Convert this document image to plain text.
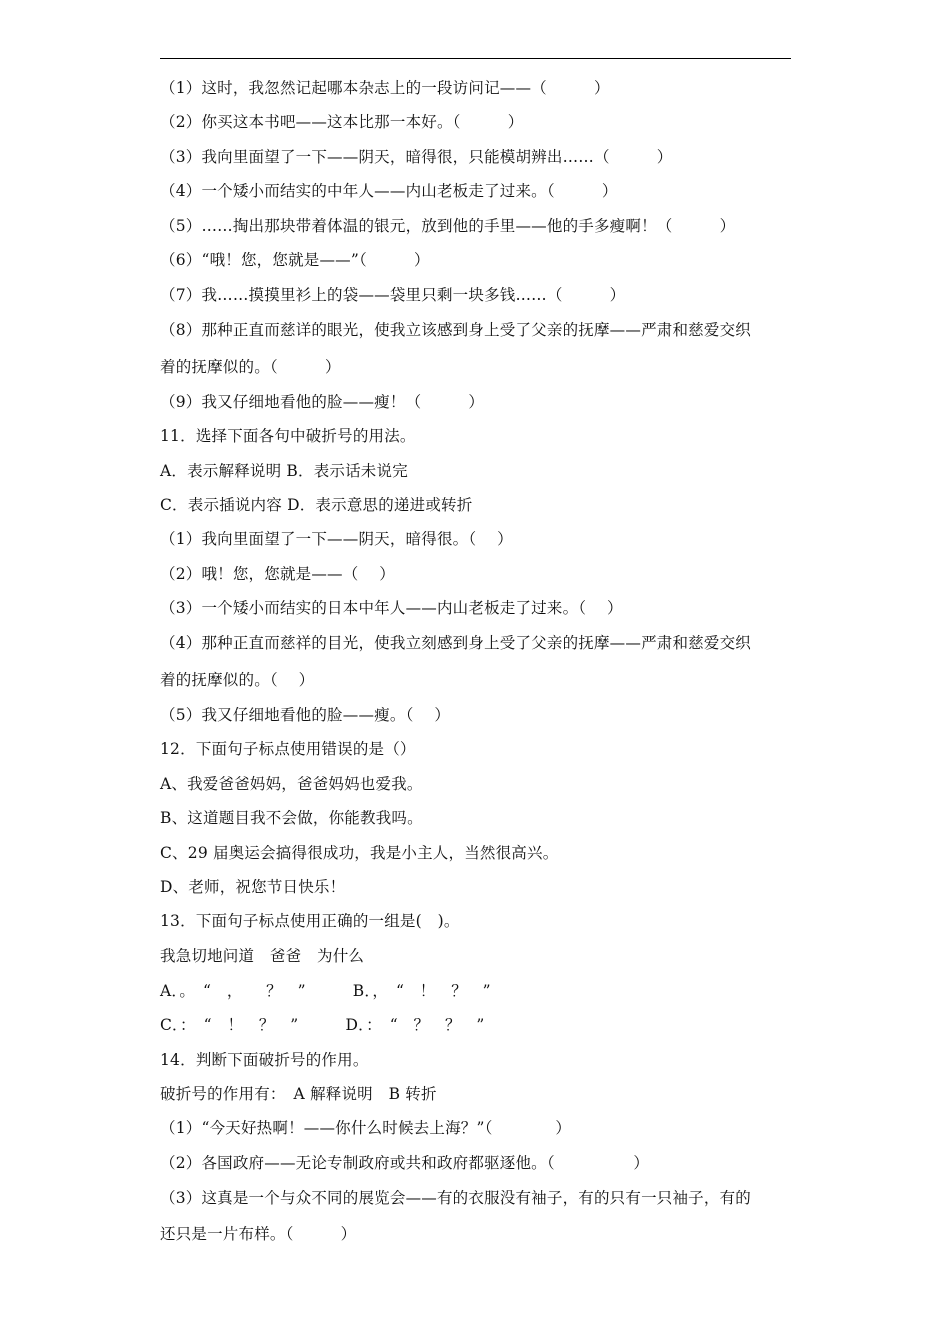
（1）这时，我忽然记起哪本杂志上的一段访问记——（　　　）
（2）你买这本书吧——这本比那一本好。（　　　）
（3）我向里面望了一下——阴天，暗得很，只能模胡辨出……（　　　）
（4）一个矮小而结实的中年人——内山老板走了过来。（　　　）
（5）……掏出那块带着体温的银元，放到他的手里——他的手多瘦啊！（　　　）
（6）“哦！您，您就是——”（　　　）
（7）我……摸摸里衫上的袋——袋里只剩一块多钱……（　　　）
（8）那种正直而慈详的眼光，使我立该感到身上受了父亲的抚摩——严肃和慈爱交织
着的抚摩似的。（　　　）
（9）我又仔细地看他的脸——瘦！（　　　）
11．选择下面各句中破折号的用法。
A．表示解释说明 B．表示话未说完
C．表示插说内容 D．表示意思的递进或转折
（1）我向里面望了一下——阴天，暗得很。（　 ）
（2）哦！您，您就是——（　 ）
（3）一个矮小而结实的日本中年人——内山老板走了过来。（　 ）
（4）那种正直而慈祥的目光，使我立刻感到身上受了父亲的抚摩——严肃和慈爱交织
着的抚摩似的。（　 ）
（5）我又仔细地看他的脸——瘦。（　 ）
12．下面句子标点使用错误的是（）
A、我爱爸爸妈妈，爸爸妈妈也爱我。
B、这道题目我不会做，你能教我吗。
C、29 届奥运会搞得很成功，我是小主人，当然很高兴。
D、老师，祝您节日快乐！
13．下面句子标点使用正确的一组是(　)。
我急切地问道　爸爸　为什么
A．。　“　，　　？　”　　　B．，　“　！　？　”
C．：　“　！　？　”　　　D．：　“　？　？　”
14．判断下面破折号的作用。
破折号的作用有：　A 解释说明　B 转折
（1）“今天好热啊！——你什么时候去上海？”（　　　　）
（2）各国政府——无论专制政府或共和政府都驱逐他。（　　　　　）
（3）这真是一个与众不同的展览会——有的衣服没有袖子，有的只有一只袖子，有的
还只是一片布样。（　　　）
